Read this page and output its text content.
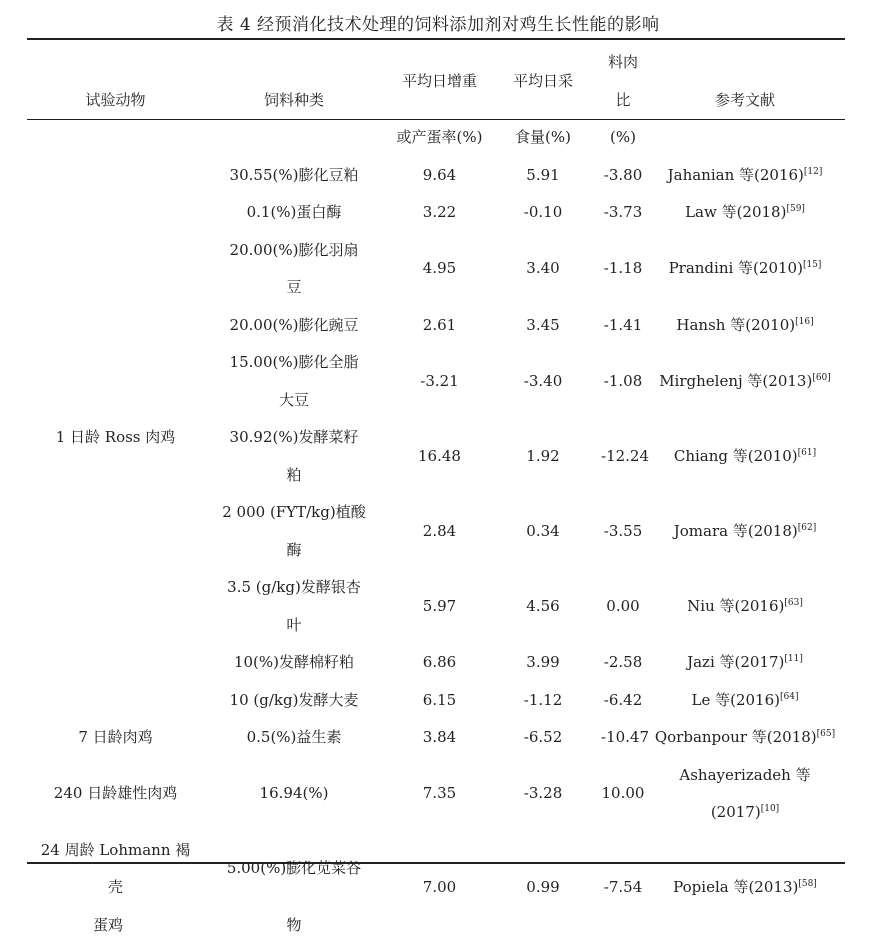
表 4 经预消化技术处理的饲料添加剂对鸡生长性能的影响
试验动物	饲料种类	平均日增重	平均日采	料肉比	参考文献
		或产蛋率(%)	食量(%)	(%)	
1 日龄 Ross 肉鸡	30.55(%)膨化豆粕	9.64	5.91	-3.80	Jahanian 等(2016)[12]
	0.1(%)蛋白酶	3.22	-0.10	-3.73	Law 等(2018)[59]
	20.00(%)膨化羽扇	4.95	3.40	-1.18	Prandini 等(2010)[15]
	豆				
	20.00(%)膨化豌豆	2.61	3.45	-1.41	Hansh 等(2010)[16]
	15.00(%)膨化全脂	-3.21	-3.40	-1.08	Mirghelenj 等(2013)[60]
	大豆				
	30.92(%)发酵菜籽	16.48	1.92	-12.24	Chiang 等(2010)[61]
	粕				
	2 000 (FYT/kg)植酸	2.84	0.34	-3.55	Jomara 等(2018)[62]
	酶				
	3.5 (g/kg)发酵银杏	5.97	4.56	0.00	Niu 等(2016)[63]
	叶				
	10(%)发酵棉籽粕	6.86	3.99	-2.58	Jazi 等(2017)[11]
	10 (g/kg)发酵大麦	6.15	-1.12	-6.42	Le 等(2016)[64]
7 日龄肉鸡	0.5(%)益生素	3.84	-6.52	-10.47	Qorbanpour 等(2018)[65]
240 日龄雄性肉鸡	16.94(%)	7.35	-3.28	10.00	Ashayerizadeh 等
					(2017)[10]
24 周龄 Lohmann 褐壳	5.00(%)膨化苋菜谷	7.00	0.99	-7.54	Popiela 等(2013)[58]
蛋鸡	物				
